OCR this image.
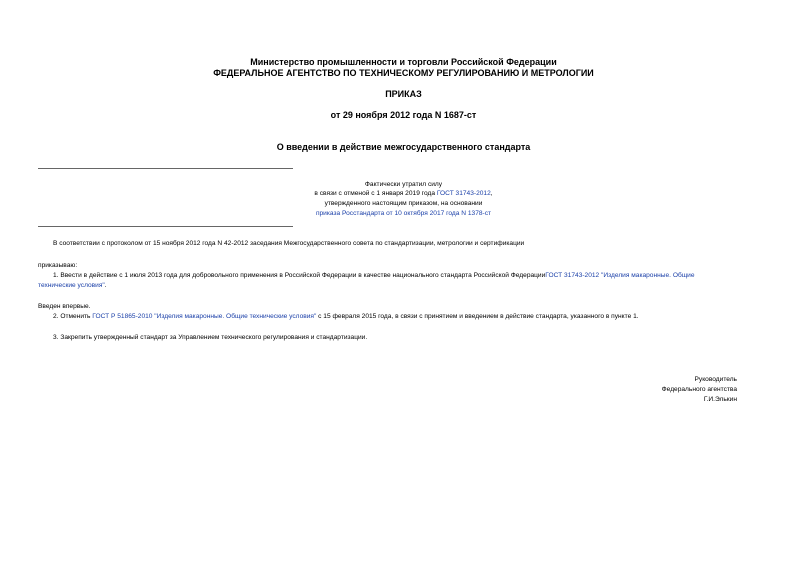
Министерство промышленности и торговли Российской Федерации
ФЕДЕРАЛЬНОЕ АГЕНТСТВО ПО ТЕХНИЧЕСКОМУ РЕГУЛИРОВАНИЮ И МЕТРОЛОГИИ
ПРИКАЗ
от 29 ноября 2012 года N 1687-ст
О введении в действие межгосударственного стандарта
Фактически утратил силу
в связи с отменой с 1 января 2019 года ГОСТ 31743-2012,
утвержденного настоящим приказом, на основании
приказа Росстандарта от 10 октября 2017 года N 1378-ст
В соответствии с протоколом от 15 ноября 2012 года N 42-2012 заседания Межгосударственного совета по стандартизации, метрологии и сертификации
приказываю:
1. Ввести в действие с 1 июля 2013 года для добровольного применения в Российской Федерации в качестве национального стандарта Российской ФедерацииГОСТ 31743-2012 "Изделия макаронные. Общие
технические условия".
Введен впервые.
2. Отменить ГОСТ Р 51865-2010 "Изделия макаронные. Общие технические условия" с 15 февраля 2015 года, в связи с принятием и введением в действие стандарта, указанного в пункте 1.
3. Закрепить утвержденный стандарт за Управлением технического регулирования и стандартизации.
Руководитель
Федерального агентства
Г.И.Элькин
